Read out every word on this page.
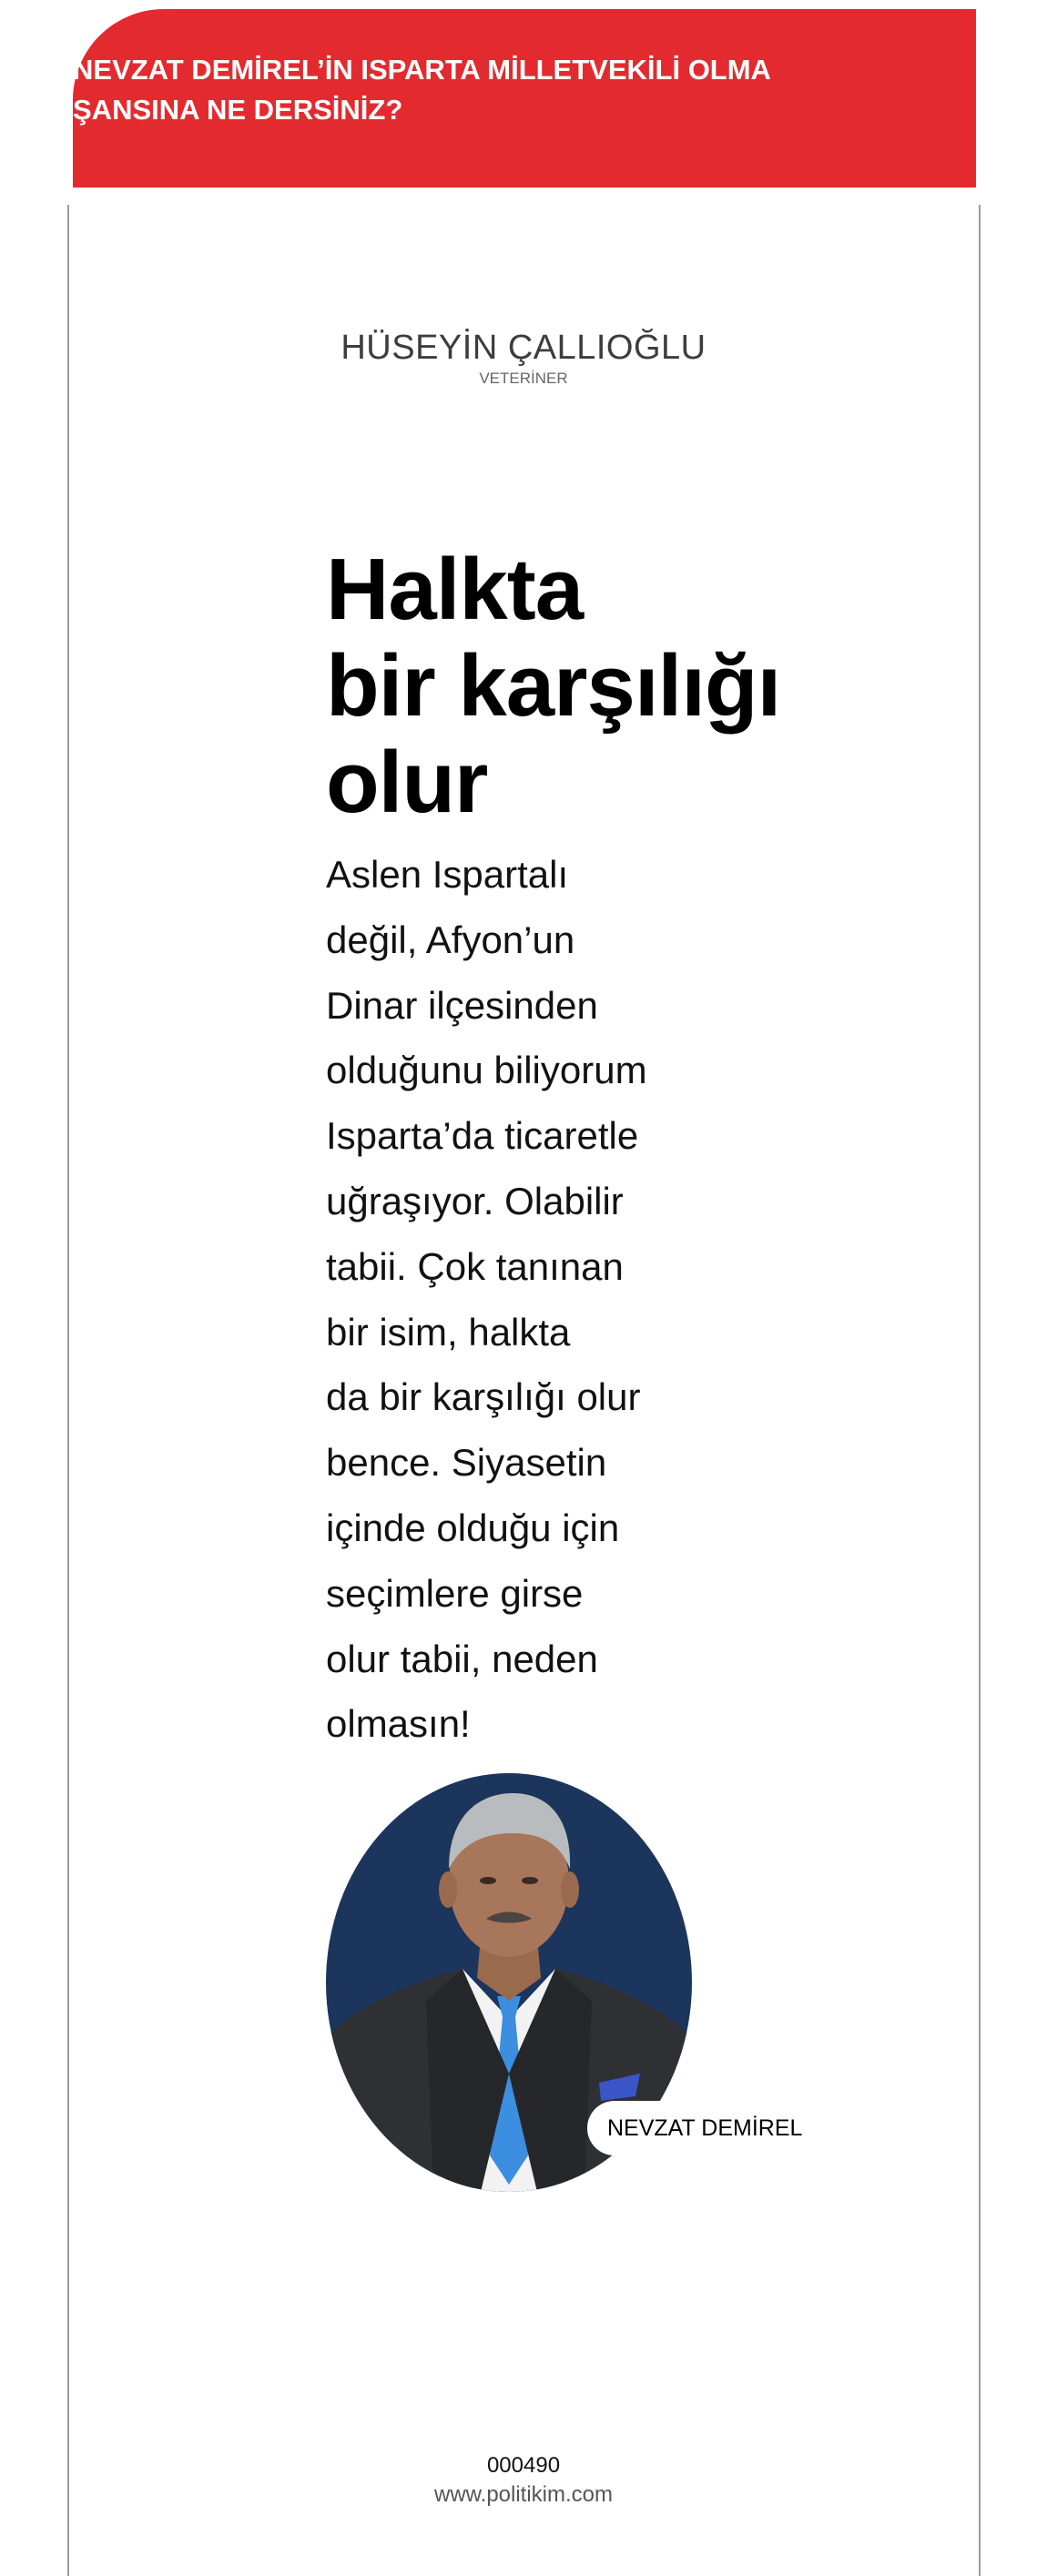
NEVZAT DEMİREL’İN ISPARTA MİLLETVEKİLİ OLMA ŞANSINA NE DERSİNİZ?
HÜSEYİN ÇALLIOĞLU
VETERİNER
Halkta
bir karşılığı
olur

Aslen Ispartalı
değil, Afyon’un
Dinar ilçesinden
olduğunu biliyorum
Isparta’da ticaretle
uğraşıyor. Olabilir
tabii. Çok tanınan
bir isim, halkta
da bir karşılığı olur
bence. Siyasetin
içinde olduğu için
seçimlere girse
olur tabii, neden
olmasın!

NEVZAT DEMİREL
000490
www.politikim.com
